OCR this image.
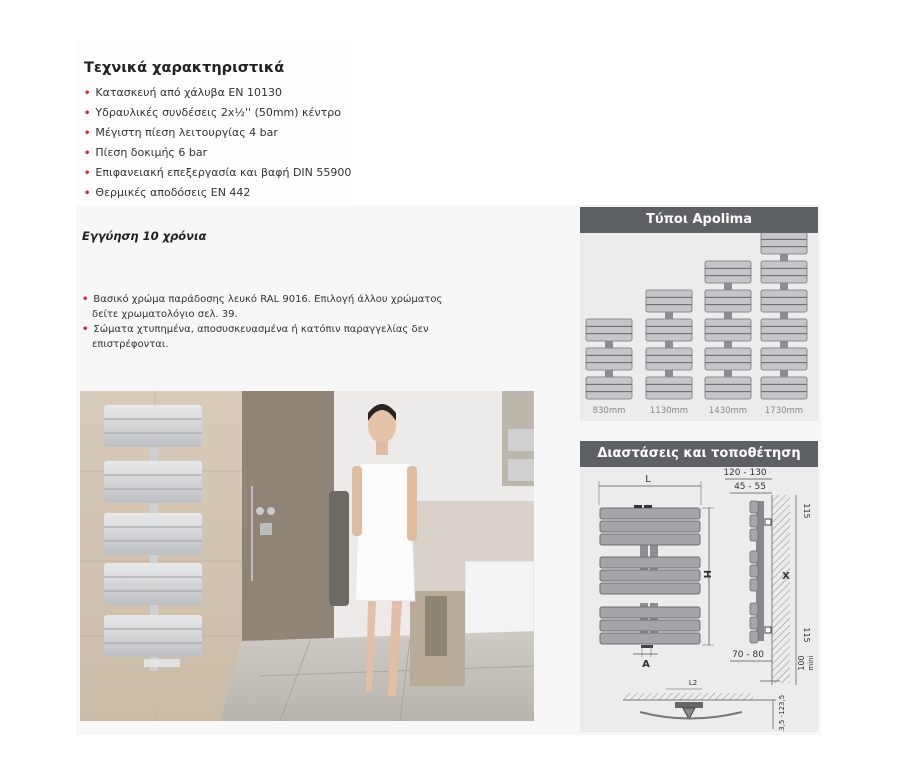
Τεχνικά χαρακτηριστικά
• Κατασκευή από χάλυβα EN 10130
• Υδραυλικές συνδέσεις 2x½'' (50mm) κέντρο
• Μέγιστη πίεση λειτουργίας 4 bar
• Πίεση δοκιμής 6 bar
• Επιφανειακή επεξεργασία και βαφή DIN 55900
• Θερμικές αποδόσεις EN 442
Εγγύηση 10 χρόνια
• Βασικό χρώμα παράδοσης λευκό RAL 9016. Επιλογή άλλου χρώματος
δείτε χρωματολόγιο σελ. 39.
• Σώματα χτυπημένα, αποσυσκευασμένα ή κατόπιν παραγγελίας δεν
επιστρέφονται.
Τύποι Apolima
830mm	1130mm	1430mm	1730mm
Διαστάσεις και τοποθέτηση
L
H
A
120 - 130
45 - 55
115
X
115
100 mini
70 - 80
L2
13,5 -123,5
